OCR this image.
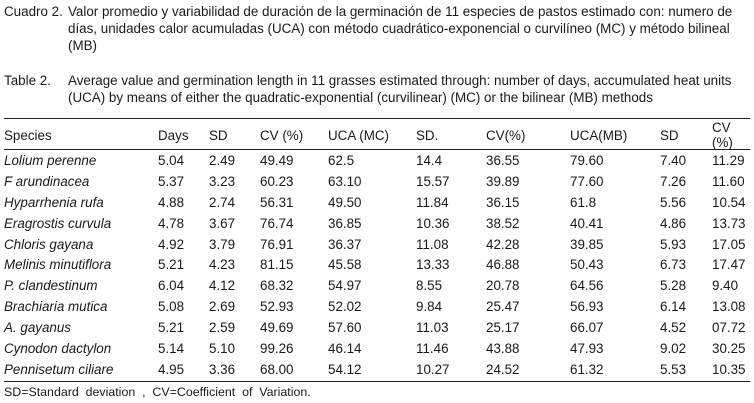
Cuadro 2.	Valor promedio y variabilidad de duración de la germinación de 11 especies de pastos estimado con: numero de días, unidades calor acumuladas (UCA) con método cuadrático-exponencial o curvilíneo (MC) y método bilineal (MB)
Table 2.	Average value and germination length in 11 grasses estimated through: number of days, accumulated heat units (UCA) by means of either the quadratic-exponential (curvilinear) (MC) or the bilinear (MB) methods
Species	Days	SD	CV (%)	UCA (MC)	SD.	CV(%)	UCA(MB)	SD	CV (%)
Lolium perenne	5.04	2.49	49.49	62.5	14.4	36.55	79.60	7.40	11.29
F arundinacea	5.37	3.23	60.23	63.10	15.57	39.89	77.60	7.26	11.60
Hyparrhenia rufa	4.88	2.74	56.31	49.50	11.84	36.15	61.8	5.56	10.54
Eragrostis curvula	4.78	3.67	76.74	36.85	10.36	38.52	40.41	4.86	13.73
Chloris gayana	4.92	3.79	76.91	36.37	11.08	42.28	39.85	5.93	17.05
Melinis minutiflora	5.21	4.23	81.15	45.58	13.33	46.88	50.43	6.73	17.47
P. clandestinum	6.04	4.12	68.32	54.97	8.55	20.78	64.56	5.28	9.40
Brachiaria mutica	5.08	2.69	52.93	52.02	9.84	25.47	56.93	6.14	13.08
A. gayanus	5.21	2.59	49.69	57.60	11.03	25.17	66.07	4.52	07.72
Cynodon dactylon	5.14	5.10	99.26	46.14	11.46	43.88	47.93	9.02	30.25
Pennisetum ciliare	4.95	3.36	68.00	54.12	10.27	24.52	61.32	5.53	10.35
SD=Standard  deviation  ,  CV=Coefficient  of  Variation.
